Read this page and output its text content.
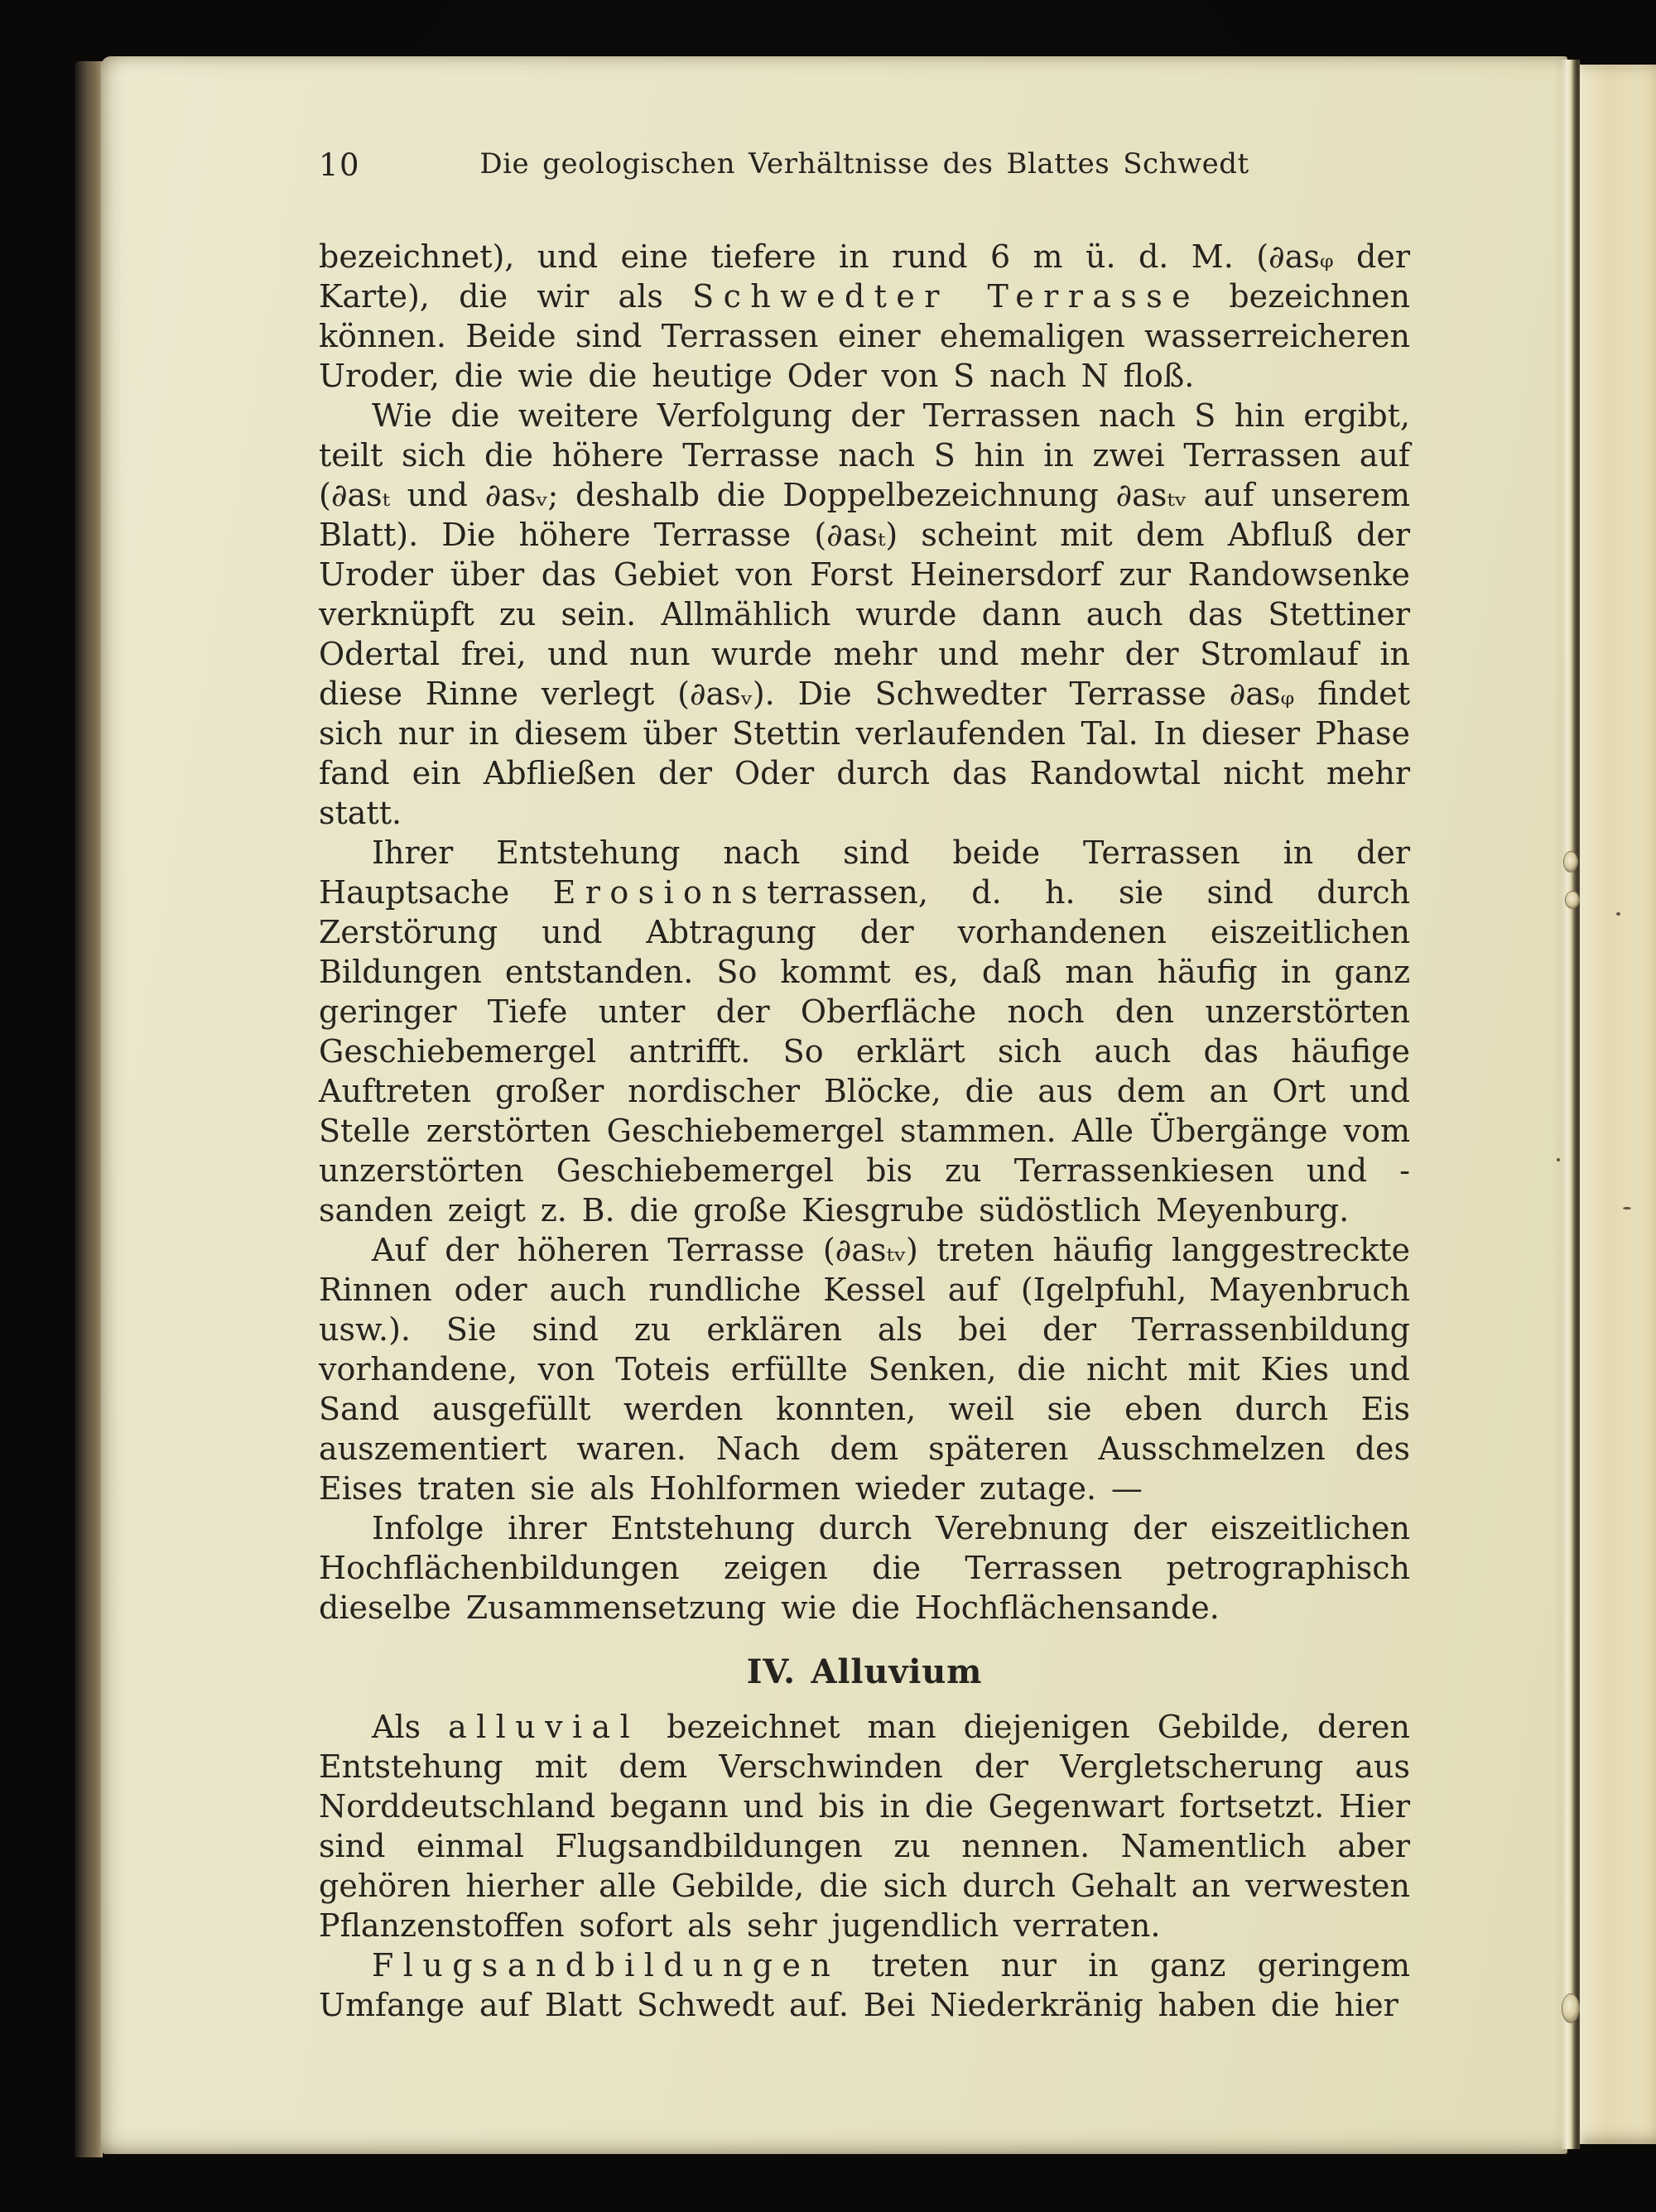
10	Die geologischen Verhältnisse des Blattes Schwedt

bezeichnet), und eine tiefere in rund 6 m ü. d. M. (∂asᵩ der Karte), die wir als Schwedter Terrasse bezeichnen können. Beide sind Terrassen einer ehemaligen wasserreicheren Uroder, die wie die heutige Oder von S nach N floß.

Wie die weitere Verfolgung der Terrassen nach S hin ergibt, teilt sich die höhere Terrasse nach S hin in zwei Terrassen auf (∂asₜ und ∂asᵥ; deshalb die Doppelbezeichnung ∂asₜᵥ auf unserem Blatt). Die höhere Terrasse (∂asₜ) scheint mit dem Abfluß der Uroder über das Gebiet von Forst Heinersdorf zur Randowsenke verknüpft zu sein. Allmählich wurde dann auch das Stettiner Odertal frei, und nun wurde mehr und mehr der Stromlauf in diese Rinne verlegt (∂asᵥ). Die Schwedter Terrasse ∂asᵩ findet sich nur in diesem über Stettin verlaufenden Tal. In dieser Phase fand ein Abfließen der Oder durch das Randowtal nicht mehr statt.

Ihrer Entstehung nach sind beide Terrassen in der Hauptsache Erosionsterrassen, d. h. sie sind durch Zerstörung und Abtragung der vorhandenen eiszeitlichen Bildungen entstanden. So kommt es, daß man häufig in ganz geringer Tiefe unter der Oberfläche noch den unzerstörten Geschiebemergel antrifft. So erklärt sich auch das häufige Auftreten großer nordischer Blöcke, die aus dem an Ort und Stelle zerstörten Geschiebemergel stammen. Alle Übergänge vom unzerstörten Geschiebemergel bis zu Terrassenkiesen und -sanden zeigt z. B. die große Kiesgrube südöstlich Meyenburg.

Auf der höheren Terrasse (∂asₜᵥ) treten häufig langgestreckte Rinnen oder auch rundliche Kessel auf (Igelpfuhl, Mayenbruch usw.). Sie sind zu erklären als bei der Terrassenbildung vorhandene, von Toteis erfüllte Senken, die nicht mit Kies und Sand ausgefüllt werden konnten, weil sie eben durch Eis auszementiert waren. Nach dem späteren Ausschmelzen des Eises traten sie als Hohlformen wieder zutage. —

Infolge ihrer Entstehung durch Verebnung der eiszeitlichen Hochflächenbildungen zeigen die Terrassen petrographisch dieselbe Zusammensetzung wie die Hochflächensande.

IV. Alluvium

Als alluvial bezeichnet man diejenigen Gebilde, deren Entstehung mit dem Verschwinden der Vergletscherung aus Norddeutschland begann und bis in die Gegenwart fortsetzt. Hier sind einmal Flugsandbildungen zu nennen. Namentlich aber gehören hierher alle Gebilde, die sich durch Gehalt an verwesten Pflanzenstoffen sofort als sehr jugendlich verraten.

Flugsandbildungen treten nur in ganz geringem Umfange auf Blatt Schwedt auf. Bei Niederkränig haben die hier
